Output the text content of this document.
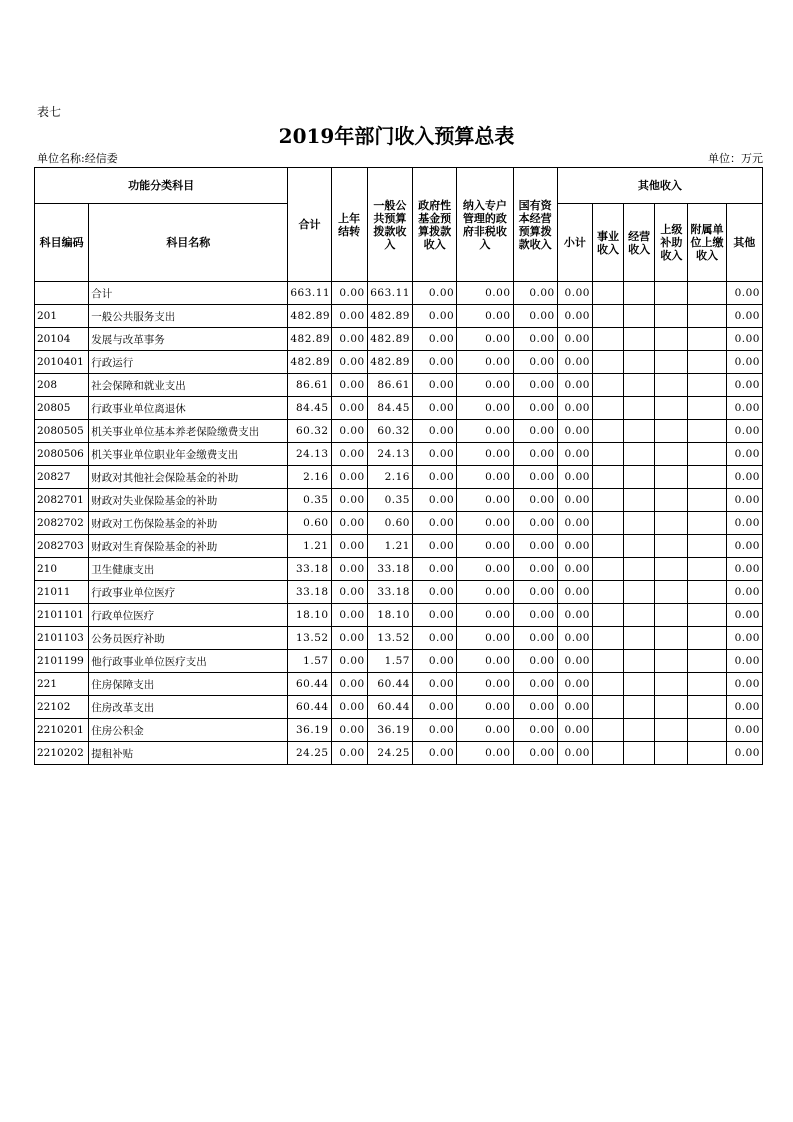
表七
2019年部门收入预算总表
单位名称:经信委	单位：万元
功能分类科目		合计	上年结转	一般公共预算拨款收入	政府性基金预算拨款收入	纳入专户管理的政府非税收入	国有资本经营预算拨款收入	其他收入					
科目编码	科目名称							小计	事业收入	经营收入	上级补助收入	附属单位上缴收入	其他
	合计	663.11	0.00	663.11	0.00	0.00	0.00	0.00					0.00
201	一般公共服务支出	482.89	0.00	482.89	0.00	0.00	0.00	0.00					0.00
20104	发展与改革事务	482.89	0.00	482.89	0.00	0.00	0.00	0.00					0.00
2010401	行政运行	482.89	0.00	482.89	0.00	0.00	0.00	0.00					0.00
208	社会保障和就业支出	86.61	0.00	86.61	0.00	0.00	0.00	0.00					0.00
20805	行政事业单位离退休	84.45	0.00	84.45	0.00	0.00	0.00	0.00					0.00
2080505	机关事业单位基本养老保险缴费支出	60.32	0.00	60.32	0.00	0.00	0.00	0.00					0.00
2080506	机关事业单位职业年金缴费支出	24.13	0.00	24.13	0.00	0.00	0.00	0.00					0.00
20827	财政对其他社会保险基金的补助	2.16	0.00	2.16	0.00	0.00	0.00	0.00					0.00
2082701	财政对失业保险基金的补助	0.35	0.00	0.35	0.00	0.00	0.00	0.00					0.00
2082702	财政对工伤保险基金的补助	0.60	0.00	0.60	0.00	0.00	0.00	0.00					0.00
2082703	财政对生育保险基金的补助	1.21	0.00	1.21	0.00	0.00	0.00	0.00					0.00
210	卫生健康支出	33.18	0.00	33.18	0.00	0.00	0.00	0.00					0.00
21011	行政事业单位医疗	33.18	0.00	33.18	0.00	0.00	0.00	0.00					0.00
2101101	行政单位医疗	18.10	0.00	18.10	0.00	0.00	0.00	0.00					0.00
2101103	公务员医疗补助	13.52	0.00	13.52	0.00	0.00	0.00	0.00					0.00
2101199	他行政事业单位医疗支出	1.57	0.00	1.57	0.00	0.00	0.00	0.00					0.00
221	住房保障支出	60.44	0.00	60.44	0.00	0.00	0.00	0.00					0.00
22102	住房改革支出	60.44	0.00	60.44	0.00	0.00	0.00	0.00					0.00
2210201	住房公积金	36.19	0.00	36.19	0.00	0.00	0.00	0.00					0.00
2210202	提租补贴	24.25	0.00	24.25	0.00	0.00	0.00	0.00					0.00
